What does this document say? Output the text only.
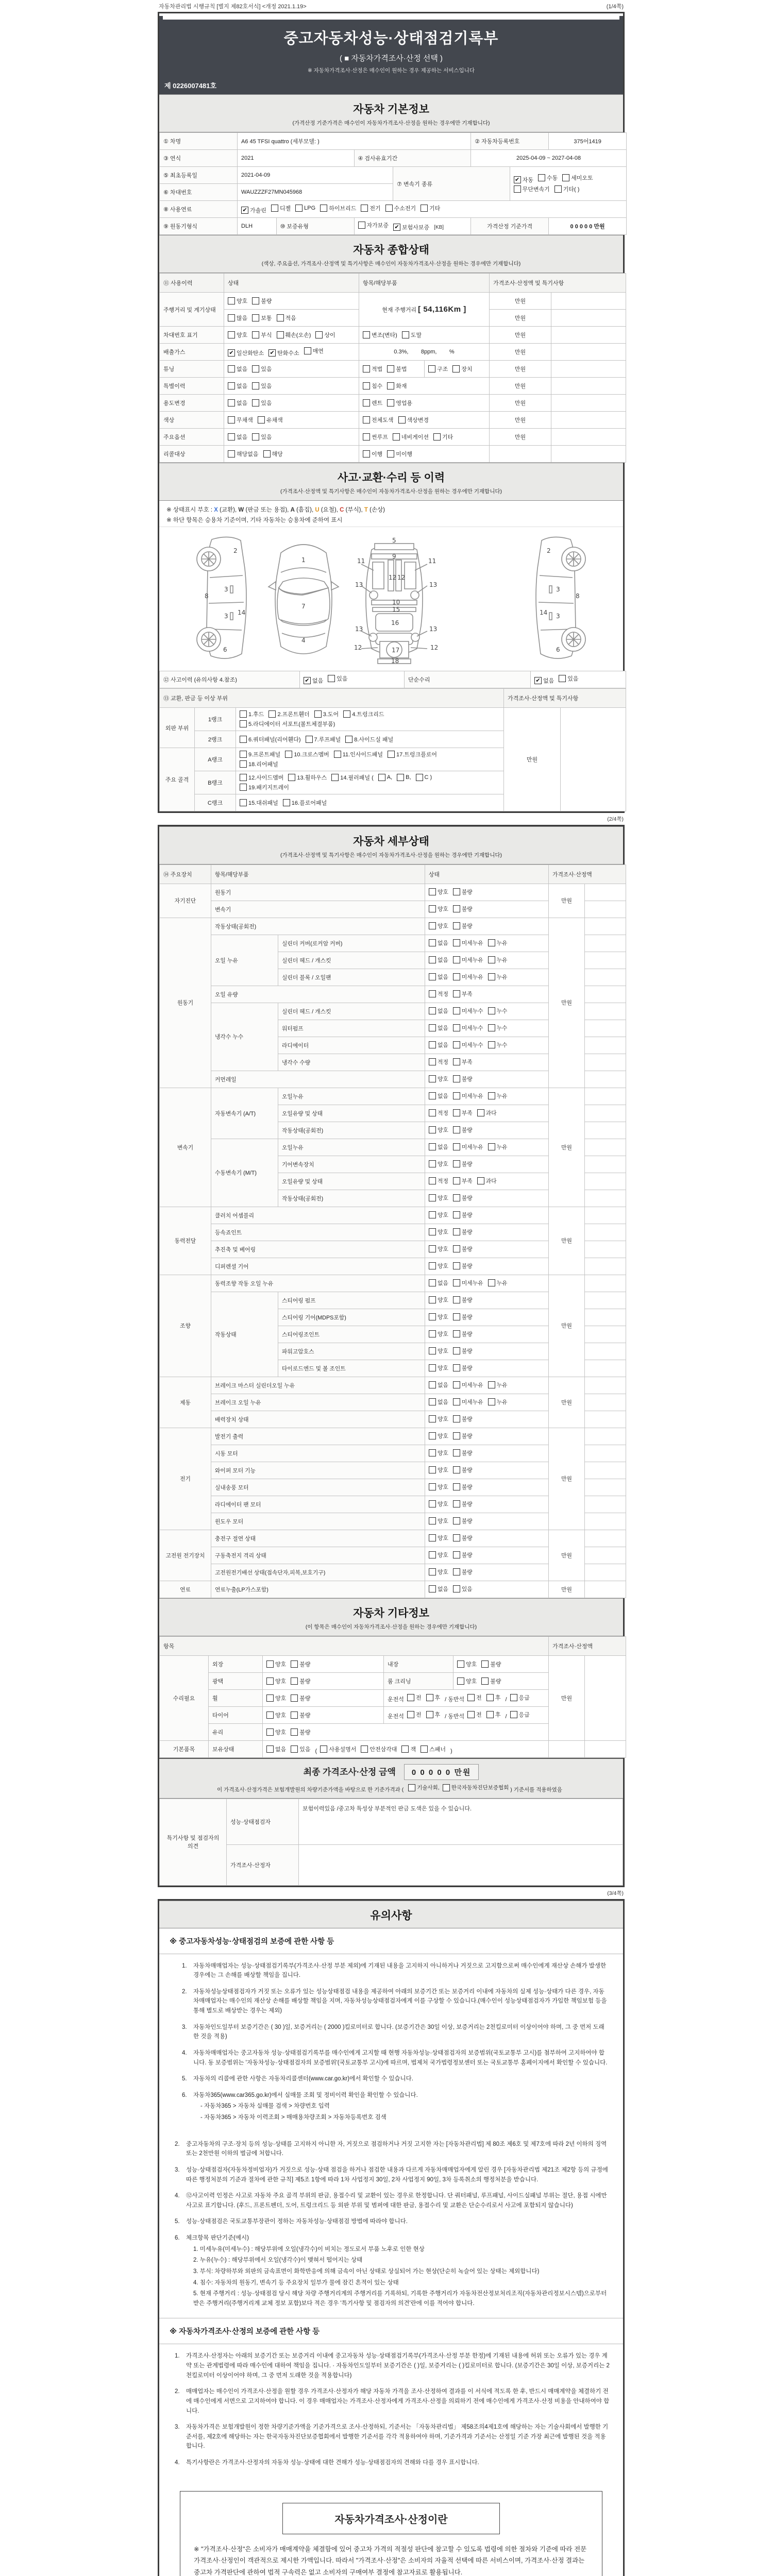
자동차관리법 시행규칙 [별지 제82호서식] <개정 2021.1.19>	(1/4쪽)
중고자동차성능·상태점검기록부
( ■ 자동차가격조사·산정 선택 )
※ 자동차가격조사·산정은 매수인이 원하는 경우 제공하는 서비스입니다
제 0226007481호
자동차 기본정보
(가격산정 기준가격은 매수인이 자동차가격조사·산정을 원하는 경우에만 기재합니다)
① 차명	A6 45 TFSI quattro (세부모델: )				② 자동차등록번호		375어1419
③ 연식	2021		④ 검사유효기간		2025-04-09 ~ 2027-04-08		
⑤ 최초등록일	2021-04-09	⑦ 변속기 종류	
✔ 자동 수동 세미오토

무단변속기 기타( )

⑥ 차대번호	WAUZZZF27MN045968						
⑧ 사용연료	✔ 가솔린 디젤 LPG 하이브리드 전기 수소전기 기타

⑨ 원동기형식	DLH	⑩ 보증유형	자가보증 ✔ 보험사보증 [KB]		가격산정 기준가격		0 0 0 0 0 만원
자동차 종합상태
(색상, 주요옵션, 가격조사·산정액 및 특기사항은 매수인이 자동차가격조사·산정을 원하는 경우에만 기재합니다)
⑪ 사용이력	상태	항목/해당부품		가격조사·산정액 및 특기사항	
주행거리 및 계기상태	양호 불량	현재 주행거리 [ 54,116Km ]		만원	

	많음 보통 적음			만원	
차대번호 표기	양호 부식 훼손(오손) 상이	변조(변타) 도말		만원	
배출가스	✔ 일산화탄소 ✔ 탄화수소 매연	0.3%,        8ppm,        %		만원	
튜닝	없음 있음	적법 불법	구조 장치	만원	
특별이력	없음 있음	침수 화재		만원	
용도변경	없음 있음	렌트 영업용		만원	
색상	무채색 유채색	전체도색 색상변경		만원	
주요옵션	없음 있음	썬루프 네비게이션 기타		만원	
리콜대상	해당없음 해당	이행 미이행			

사고·교환·수리 등 이력
(가격조사·산정액 및 특기사항은 매수인이 자동차가격조사·산정을 원하는 경우에만 기재합니다)
※ 상태표시 부호 : X (교환), W (판금 또는 용접), A (흠집), U (요철), C (부식), T (손상)
※ 하단 항목은 승용차 기준이며, 기타 자동차는 승용차에 준하여 표시
2
3
3
8
14
6
1
7
4
5
9
11	11
13	13
12 12
10
15
16
13	13
12	12
17
18
2
3
3
8
14
6
⑫ 사고이력 (유의사항 4.참조)	✔ 없음 있음	단순수리	✔ 없음 있음
⑬ 교환, 판금 등 이상 부위			가격조사·산정액 및 특기사항	
외판 부위	1랭크	1.후드 2.프론트휀더 3.도어 4.트렁크리드

5.라디에이터 서포트(볼트체결부품)	만원	
	2랭크	6.쿼터패널(리어휀다) 7.루프패널 8.사이드실 패널		

주요 골격	A랭크	9.프론트패널 10.크로스멤버 11.인사이드패널 17.트렁크플로어

18.리어패널		

B랭크	
12.사이드멤버 13.휠하우스 14.필러패널 ( A, B, C )

19.패키지트레이

	C랭크	15.대쉬패널 16.플로어패널		
(2/4쪽)
자동차 세부상태
(가격조사·산정액 및 특기사항은 매수인이 자동차가격조사·산정을 원하는 경우에만 기재합니다)
⑭ 주요장치	항목/해당부품		상태	가격조사·산정액	
자기진단	원동기		양호 불량	만원	
	변속기		양호 불량		

원동기	작동상태(공회전)		양호 불량	만원	
	오일 누유	실린더 커버(로커암 커버)	없음 미세누유 누유		

		실린더 헤드 / 개스킷	없음 미세누유 누유		

		실린더 블록 / 오일팬	없음 미세누유 누유		

	오일 유량		적정 부족		

	냉각수 누수	실린더 헤드 / 개스킷	없음 미세누수 누수		

		워터펌프	없음 미세누수 누수		

		라디에이터	없음 미세누수 누수		

		냉각수 수량	적정 부족		

	커먼레일		양호 불량		

변속기	자동변속기 (A/T)	오일누유	없음 미세누유 누유	만원	
		오일유량 및 상태	적정 부족 과다		

		작동상태(공회전)	양호 불량		

	수동변속기 (M/T)	오일누유	없음 미세누유 누유		

		기어변속장치	양호 불량		

		오일유량 및 상태	적정 부족 과다		

		작동상태(공회전)	양호 불량		

동력전달	클러치 어셈블리		양호 불량	만원	
	등속죠인트		양호 불량		

	추진축 및 베어링		양호 불량		

	디퍼렌셜 기어		양호 불량		

조향	동력조향 작동 오일 누유		없음 미세누유 누유	만원	
	작동상태	스티어링 펌프	양호 불량		

		스티어링 기어(MDPS포함)	양호 불량		

		스티어링조인트	양호 불량		

		파워고압호스	양호 불량		

		타이로드엔드 및 볼 조인트	양호 불량		

제동	브레이크 마스터 실린더오일 누유		없음 미세누유 누유	만원	
	브레이크 오일 누유		없음 미세누유 누유		

	배력장치 상태		양호 불량		

전기	발전기 출력		양호 불량	만원	
	시동 모터		양호 불량		

	와이퍼 모터 기능		양호 불량		

	실내송풍 모터		양호 불량		

	라디에이터 팬 모터		양호 불량		

	윈도우 모터		양호 불량		

고전원 전기장치	충전구 절연 상태		양호 불량	만원	
	구동축전지 격리 상태		양호 불량		

	고전원전기배선 상태(접속단자,피복,보호기구)		양호 불량		

연료	연료누출(LP가스포함)		없음 있음	만원	
자동차 기타정보
(이 항목은 매수인이 자동차가격조사·산정을 원하는 경우에만 기재합니다)
항목					가격조사·산정액	
수리필요	외장	양호 불량	내장	양호 불량	만원	
	광택	양호 불량	룸 크리닝	양호 불량		

휠	양호 불량	운전석 전 후 / 동반석 전 후 / 응급

타이어	양호 불량	운전석 전 후 / 동반석 전 후 / 응급

	유리	양호 불량				

기본품목	보유상태	없음 있음 ( 사용설명서 안전삼각대 잭 스패너 )		
최종 가격조사·산정 금액 0 0 0 0 0 만원
이 가격조사·산정가격은 보험개발원의 차량기준가액을 바탕으로 한 기준가격과 ( 기술사회, 한국자동차진단보증협회 ) 기준서를 적용하였음
특기사항 및 점검자의 의견	성능·상태점검자	보험이력있음 /중고차 특성상 부분적인 판금 도색은 있을 수 있습니다.
	가격조사·산정자	
(3/4쪽)
유의사항
※ 중고자동차성능·상태점검의 보증에 관한 사항 등
1.	자동차매매업자는 성능·상태점검기록부(가격조사·산정 부분 제외)에 기재된 내용을 고지하지 아니하거나 거짓으로 고지함으로써 매수인에게 재산상 손해가 발생한 경우에는 그 손해를 배상할 책임을 집니다.
2.	자동차성능상태점검자가 거짓 또는 오류가 있는 성능상태점검 내용을 제공하여 아래의 보증기간 또는 보증거리 이내에 자동차의 실제 성능·상태가 다른 경우, 자동차매매업자는 매수인의 재산상 손해를 배상할 책임을 지며, 자동차성능상태점검자에게 이를 구상할 수 있습니다.(매수인이 성능상태점검자가 가입한 책임보험 등을 통해 별도로 배상받는 경우는 제외)
3.	자동차인도일부터 보증기간은 ( 30 )일, 보증거리는 ( 2000 )킬로미터로 합니다. (보증기간은 30일 이상, 보증거리는 2천킬로미터 이상이어야 하며, 그 중 먼저 도래한 것을 적용)
4.	자동차매매업자는 중고자동차 성능·상태점검기록부를 매수인에게 고지할 때 현행 자동차성능·상태점검자의 보증범위(국토교통부 고시)를 첨부하여 고지하여야 합니다. 동 보증범위는 '자동차성능·상태점검자의 보증범위'(국토교통부 고시)에 따르며, 법제처 국가법령정보센터 또는 국토교통부 홈페이지에서 확인할 수 있습니다.
5.	자동차의 리콜에 관한 사항은 자동차리콜센터(www.car.go.kr)에서 확인할 수 있습니다.
6.	자동차365(www.car365.go.kr)에서 실매물 조회 및 정비이력 확인을 확인할 수 있습니다.
- 자동차365 > 자동차 실매물 검색 > 차량번호 입력
- 자동차365 > 자동차 이력조회 > 매매용차량조회 > 자동차등록번호 검색
2.	중고자동차의 구조·장치 등의 성능·상태를 고지하지 아니한 자, 거짓으로 점검하거나 거짓 고지한 자는 [자동차관리법] 제 80조 제6호 및 제7호에 따라 2년 이하의 징역 또는 2천만원 이하의 벌금에 처합니다.
3.	성능·상태점검자(자동차정비업자)가 거짓으로 성능·상태 점검을 하거나 점검한 내용과 다르게 자동차매매업자에게 알린 경우 [자동차관리법 제21조 제2항 등의 규정에 따른 행정처분의 기준과 절차에 관한 규칙] 제5조 1항에 따라 1차 사업정지 30일, 2차 사업정지 90일, 3차 등록취소의 행정처분을 받습니다.
4.	⑫사고이력 인정은 사고로 자동차 주요 골격 부위의 판금, 용접수리 및 교환이 있는 경우로 한정합니다. 단 쿼터패널, 루프패널, 사이드실패널 부위는 절단, 용접 시에만 사고로 표기합니다. (후드, 프론트펜더, 도어, 트렁크리드 등 외판 부위 및 범퍼에 대한 판금, 용접수리 및 교환은 단순수리로서 사고에 포함되지 않습니다)
5.	성능·상태점검은 국토교통부장관이 정하는 자동차성능·상태점검 방법에 따라야 합니다.
6.	체크항목 판단기준(예시)
1. 미세누유(미세누수) : 해당부위에 오일(냉각수)이 비치는 정도로서 부품 노후로 인한 현상
2. 누유(누수) : 해당부위에서 오일(냉각수)이 맺혀서 떨어지는 상태
3. 부식: 차량하부와 외판의 금속표면이 화학반응에 의해 금속이 아닌 상태로 상실되어 가는 현상(단순히 녹슬어 있는 상태는 제외합니다)
4. 침수: 자동차의 원동기, 변속기 등 주요장치 일부가 물에 잠긴 흔적이 있는 상태
5. 현재 주행거리 : 성능·상태점검 당시 해당 차량 주행거리계의 주행거리를 기록하되, 기록한 주행거리가 자동차전산정보처리조직(자동차관리정보시스템)으로부터 받은 주행거리(주행거리계 교체 정보 포함)보다 적은 경우 '특기사항 및 점검자의 의견'란에 이를 적어야 합니다.
※ 자동차가격조사·산정의 보증에 관한 사항 등
1.	가격조사·산정자는 아래의 보증기간 또는 보증거리 이내에 중고자동차 성능·상태점검기록부(가격조사·산정 부분 한정)에 기재된 내용에 허위 또는 오류가 있는 경우 계약 또는 관계법령에 따라 매수인에 대하여 책임을 집니다. · 자동차인도일부터 보증기간은 ( )일, 보증거리는 ( )킬로미터로 합니다. (보증기간은 30일 이상, 보증거리는 2천킬로미터 이상이어야 하며, 그 중 먼저 도래한 것을 적용합니다)
2.	매매업자는 매수인이 가격조사·산정을 원할 경우 가격조사·산정자가 해당 자동차 가격을 조사·산정하여 결과를 이 서식에 적도록 한 후, 반드시 매매계약을 체결하기 전에 매수인에게 서면으로 고지하여야 합니다. 이 경우 매매업자는 가격조사·산정자에게 가격조사·산정을 의뢰하기 전에 매수인에게 가격조사·산정 비용을 안내하여야 합니다.
3.	자동차가격은 보험개발원이 정한 차량기준가액을 기준가격으로 조사·산정하되, 기준서는 「자동차관리법」 제58조의4제1호에 해당하는 자는 기술사회에서 발행한 기준서를, 제2호에 해당하는 자는 한국자동차진단보증협회에서 발행한 기준서를 각각 적용하여야 하며, 기준가격과 기준서는 산정일 기준 가장 최근에 발행된 것을 적용합니다.
4.	특기사항란은 가격조사·산정자의 자동차 성능·상태에 대한 견해가 성능·상태점검자의 견해와 다를 경우 표시합니다.
자동차가격조사·산정이란
※ "가격조사·산정"은 소비자가 매매계약을 체결함에 있어 중고차 가격의 적절성 판단에 참고할 수 있도록 법령에 의한 절차와 기준에 따라 전문 가격조사·산정인이 객관적으로 제시한 가액입니다. 따라서 "가격조사·산정"은 소비자의 자율적 선택에 따른 서비스이며, 가격조사·산정 결과는 중고차 가격판단에 관하여 법적 구속력은 없고 소비자의 구매여부 결정에 참고자료로 활용됩니다.
